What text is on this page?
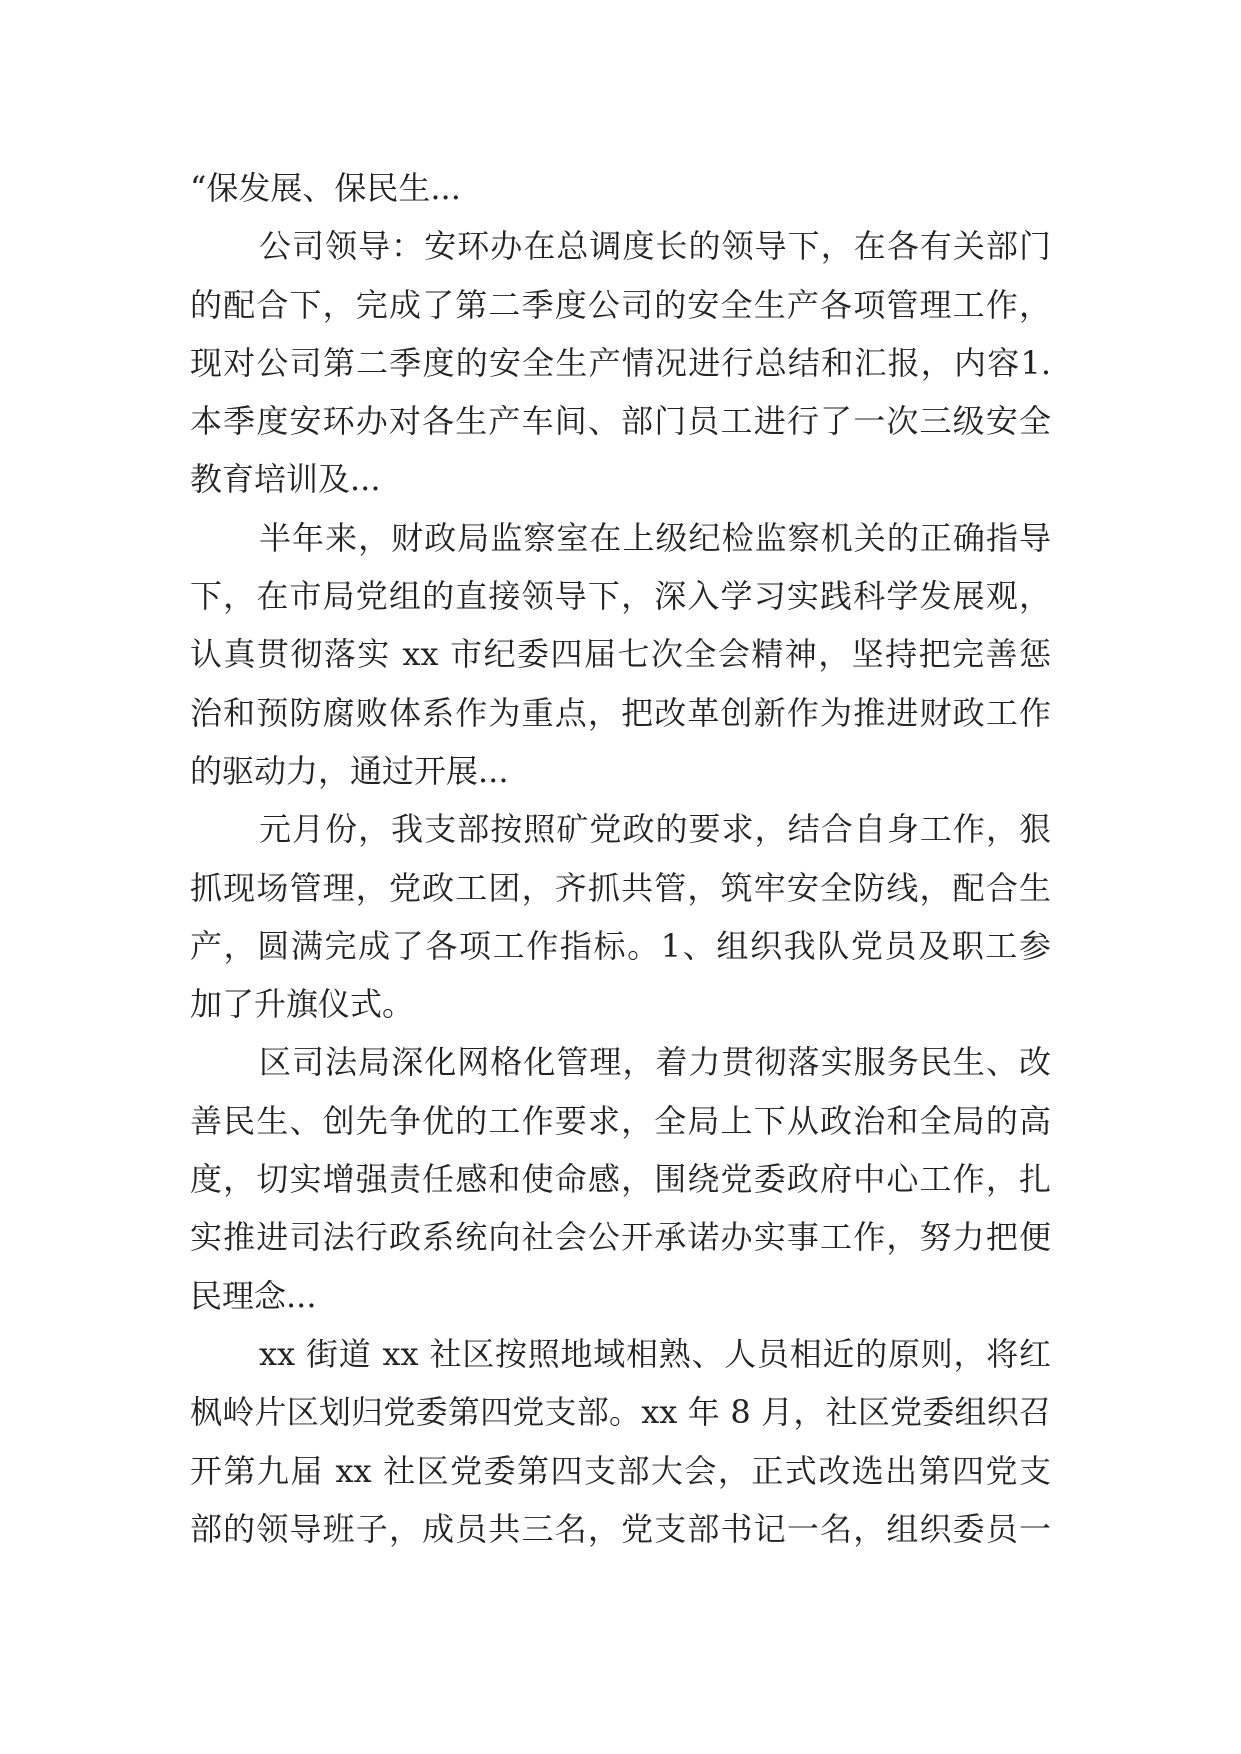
“保发展、保民生...
公司领导：安环办在总调度长的领导下，在各有关部门
的配合下，完成了第二季度公司的安全生产各项管理工作，
现对公司第二季度的安全生产情况进行总结和汇报，内容1.
本季度安环办对各生产车间、部门员工进行了一次三级安全
教育培训及...
半年来，财政局监察室在上级纪检监察机关的正确指导
下，在市局党组的直接领导下，深入学习实践科学发展观，
认真贯彻落实 xx 市纪委四届七次全会精神，坚持把完善惩
治和预防腐败体系作为重点，把改革创新作为推进财政工作
的驱动力，通过开展...
元月份，我支部按照矿党政的要求，结合自身工作，狠
抓现场管理，党政工团，齐抓共管，筑牢安全防线，配合生
产，圆满完成了各项工作指标。1、组织我队党员及职工参
加了升旗仪式。
区司法局深化网格化管理，着力贯彻落实服务民生、改
善民生、创先争优的工作要求，全局上下从政治和全局的高
度，切实增强责任感和使命感，围绕党委政府中心工作，扎
实推进司法行政系统向社会公开承诺办实事工作，努力把便
民理念...
xx 街道 xx 社区按照地域相熟、人员相近的原则，将红
枫岭片区划归党委第四党支部。xx 年 8 月，社区党委组织召
开第九届 xx 社区党委第四支部大会，正式改选出第四党支
部的领导班子，成员共三名，党支部书记一名，组织委员一
